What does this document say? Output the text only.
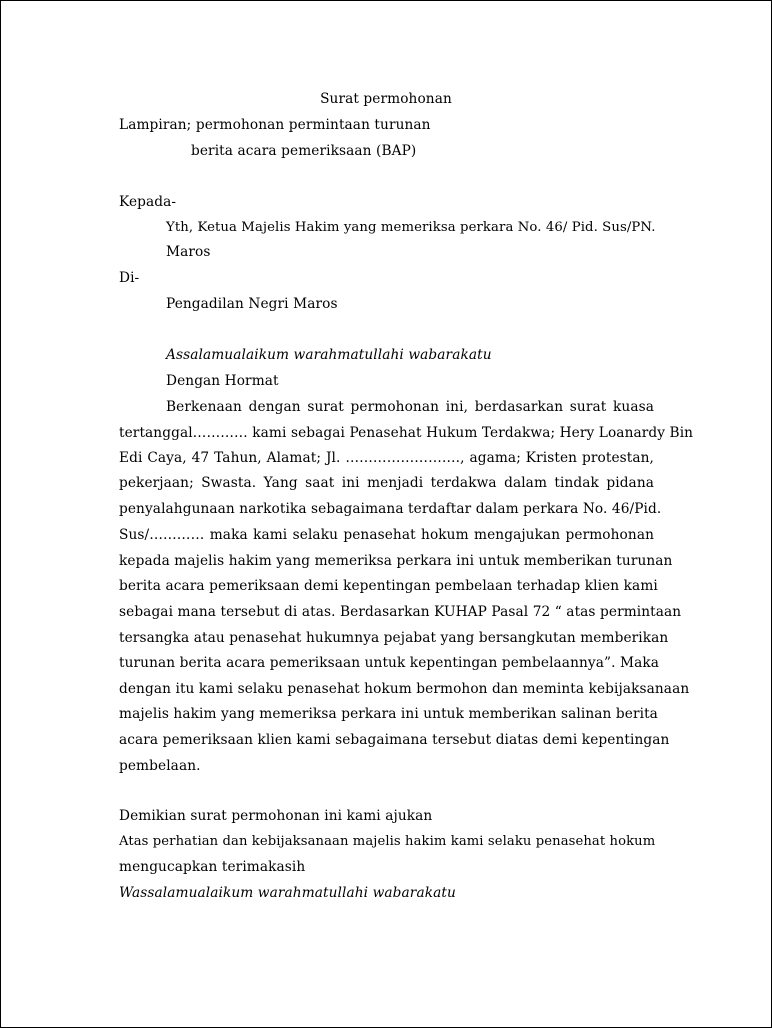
Surat permohonan
Lampiran; permohonan permintaan turunan
berita acara pemeriksaan (BAP)
Kepada-
Yth, Ketua Majelis Hakim yang memeriksa perkara No. 46/ Pid. Sus/PN.
Maros
Di-
Pengadilan Negri Maros
Assalamualaikum warahmatullahi wabarakatu
Dengan Hormat
Berkenaan dengan surat permohonan ini, berdasarkan surat kuasa
tertanggal………… kami sebagai Penasehat Hukum Terdakwa; Hery Loanardy Bin
Edi Caya, 47 Tahun, Alamat; Jl. ……………………., agama; Kristen protestan,
pekerjaan; Swasta. Yang saat ini menjadi terdakwa dalam tindak pidana
penyalahgunaan narkotika sebagaimana terdaftar dalam perkara No. 46/Pid.
Sus/………… maka kami selaku penasehat hokum mengajukan permohonan
kepada majelis hakim yang memeriksa perkara ini untuk memberikan turunan
berita acara pemeriksaan demi kepentingan pembelaan terhadap klien kami
sebagai mana tersebut di atas. Berdasarkan KUHAP Pasal 72 “ atas permintaan
tersangka atau penasehat hukumnya pejabat yang bersangkutan memberikan
turunan berita acara pemeriksaan untuk kepentingan pembelaannya”. Maka
dengan itu kami selaku penasehat hokum bermohon dan meminta kebijaksanaan
majelis hakim yang memeriksa perkara ini untuk memberikan salinan berita
acara pemeriksaan klien kami sebagaimana tersebut diatas demi kepentingan
pembelaan.
Demikian surat permohonan ini kami ajukan
Atas perhatian dan kebijaksanaan majelis hakim kami selaku penasehat hokum
mengucapkan terimakasih
Wassalamualaikum warahmatullahi wabarakatu
